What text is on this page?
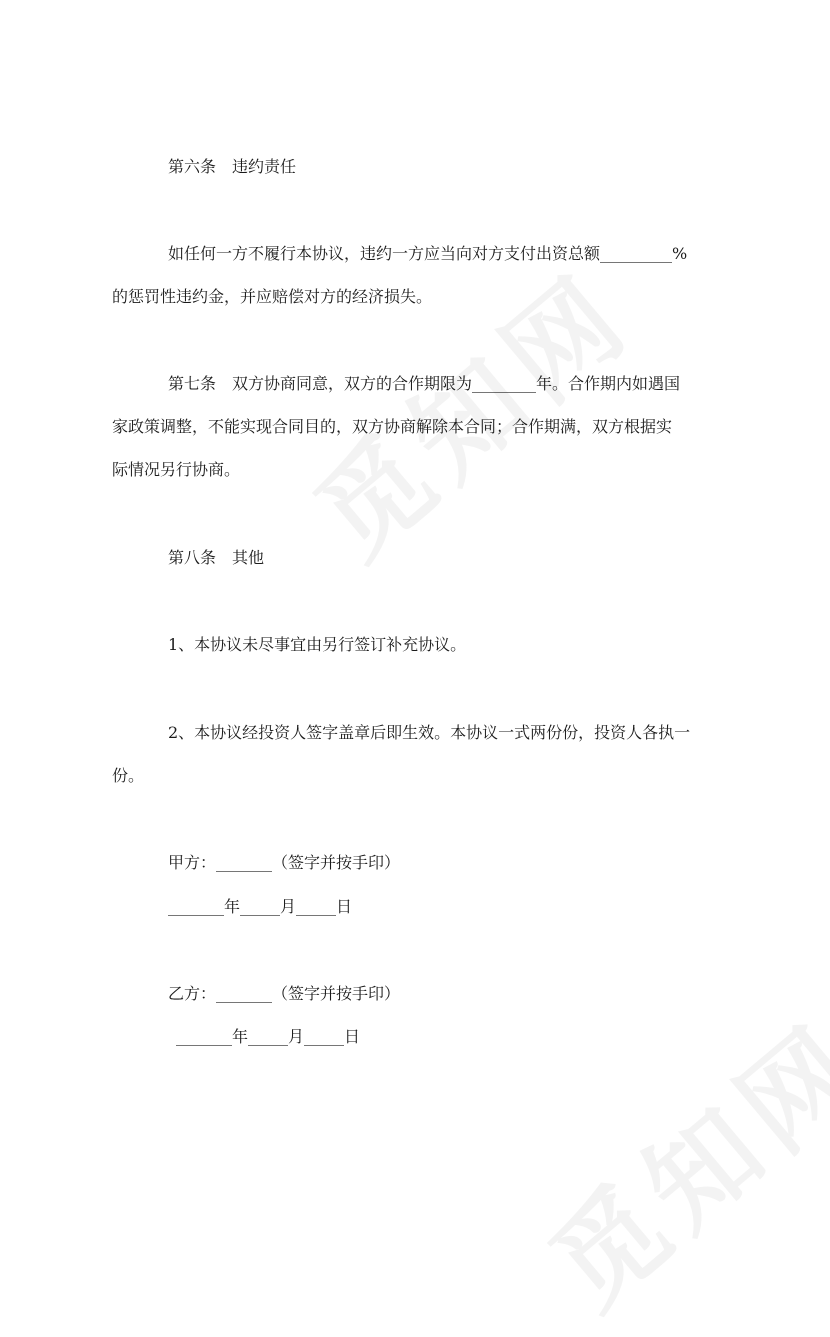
第六条　违约责任

如任何一方不履行本协议，违约一方应当向对方支付出资总额_________%

的惩罚性违约金，并应赔偿对方的经济损失。

第七条　双方协商同意，双方的合作期限为________年。合作期内如遇国

家政策调整，不能实现合同目的，双方协商解除本合同；合作期满，双方根据实

际情况另行协商。

第八条　其他

1、本协议未尽事宜由另行签订补充协议。

2、本协议经投资人签字盖章后即生效。本协议一式两份份，投资人各执一

份。

甲方：_______（签字并按手印）

_______年_____月_____日

乙方：_______（签字并按手印）

_______年_____月_____日
